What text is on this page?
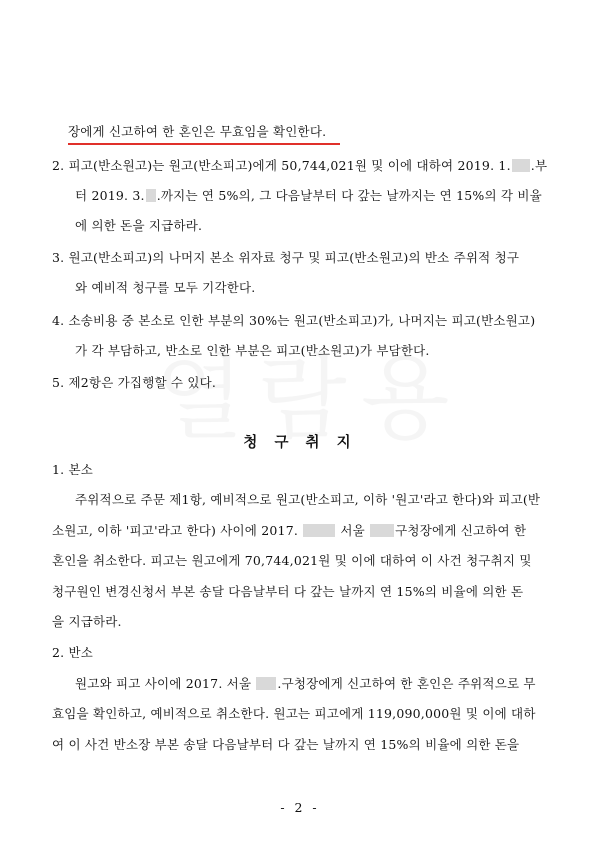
장에게 신고하여 한 혼인은 무효임을 확인한다.
2. 피고(반소원고)는 원고(반소피고)에게 50,744,021원 및 이에 대하여 2019. 1. .부
터 2019. 3. .까지는 연 5%의, 그 다음날부터 다 갚는 날까지는 연 15%의 각 비율
에 의한 돈을 지급하라.
3. 원고(반소피고)의 나머지 본소 위자료 청구 및 피고(반소원고)의 반소 주위적 청구
와 예비적 청구를 모두 기각한다.
4. 소송비용 중 본소로 인한 부분의 30%는 원고(반소피고)가, 나머지는 피고(반소원고)
가 각 부담하고, 반소로 인한 부분은 피고(반소원고)가 부담한다.
5. 제2항은 가집행할 수 있다.
청 구 취 지
1. 본소
주위적으로 주문 제1항, 예비적으로 원고(반소피고, 이하 '원고'라고 한다)와 피고(반
소원고, 이하 '피고'라고 한다) 사이에 2017.	서울 구청장에게 신고하여 한
혼인을 취소한다. 피고는 원고에게 70,744,021원 및 이에 대하여 이 사건 청구취지 및
청구원인 변경신청서 부본 송달 다음날부터 다 갚는 날까지 연 15%의 비율에 의한 돈
을 지급하라.
2. 반소
원고와 피고 사이에 2017. 서울 .구청장에게 신고하여 한 혼인은 주위적으로 무
효임을 확인하고, 예비적으로 취소한다. 원고는 피고에게 119,090,000원 및 이에 대하
여 이 사건 반소장 부본 송달 다음날부터 다 갚는 날까지 연 15%의 비율에 의한 돈을
- 2 -
